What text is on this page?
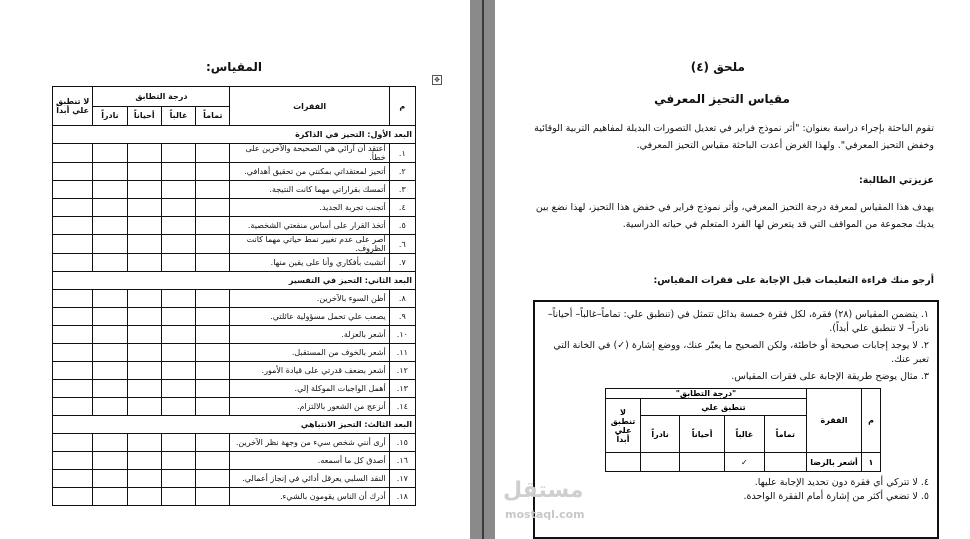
المقياس:
✥
م	الفقرات	درجة التطابق				لا تنطبق علي أبداً
		تماماً	غالباً	أحياناً	نادراً	
البعد الأول: التحيز في الذاكرة						
١.	أعتقد أن آرائي هي الصحيحة والآخرين على خطأ.					
٢.	أتحيز لمعتقداتي بمكنني من تحقيق أهدافي.					
٣.	أتمسك بقراراتي مهما كانت النتيجة.					
٤.	أتجنب تجربة الجديد.					
٥.	أتخذ القرار على أساس منفعتي الشخصية.					
٦.	أصر على عدم تغيير نمط حياتي مهما كانت الظروف.					
٧.	أتشبث بأفكاري وأنا على يقين منها.					
البعد الثاني: التحيز في التفسير						
٨.	أظن السوء بالآخرين.					
٩.	يصعب علي تحمل مسؤولية عائلتي.					
١٠.	أشعر بالعزلة.					
١١.	أشعر بالخوف من المستقبل.					
١٢.	أشعر بضعف قدرتي على قيادة الأمور.					
١٣.	أهمل الواجبات الموكلة إلي.					
١٤.	أنزعج من الشعور بالالتزام.					
البعد الثالث: التحيز الانتباهي						
١٥.	أرى أنني شخص سيء من وجهة نظر الآخرين.					
١٦.	أصدق كل ما أسمعه.					
١٧.	النقد السلبي يعرقل أدائي في إنجاز أعمالي.					
١٨.	أدرك أن الناس يقومون بالشيء.					
ملحق (٤)
مقياس التحيز المعرفي
تقوم الباحثة بإجراء دراسة بعنوان: "أثر نموذج فراير في تعديل التصورات البديلة لمفاهيم التربية الوقائية وخفض التحيز المعرفي". ولهذا الغرض أعدت الباحثة مقياس التحيز المعرفي.
عزيزتي الطالبة:
يهدف هذا المقياس لمعرفة درجة التحيز المعرفي، وأثر نموذج فراير في خفض هذا التحيز، لهذا نضع بين يديك مجموعة من المواقف التي قد يتعرض لها الفرد المتعلم في حياته الدراسية.
أرجو منك قراءة التعليمات قبل الإجابة على فقرات المقياس:
١. يتضمن المقياس (٢٨) فقرة، لكل فقرة خمسة بدائل تتمثل في (تنطبق علي: تماماً–غالباً– أحياناً– نادراً– لا تنطبق علي أبداً).
٢. لا يوجد إجابات صحيحة أو خاطئة، ولكن الصحيح ما يعبّر عنك، ووضع إشارة (✓) في الخانة التي تعبر عنك.
٣. مثال يوضح طريقة الإجابة على فقرات المقياس.
م	الفقرة	"درجة التطابق"				
		تنطبق علي				لا تنطبق علي أبداً
		تماماً	غالباً	أحياناً	نادراً	
١	أشعر بالرضا		✓			
٤. لا تتركي أي فقرة دون تحديد الإجابة عليها.
٥. لا تضعي أكثر من إشارة أمام الفقرة الواحدة.
مستقل
mostaql.com
